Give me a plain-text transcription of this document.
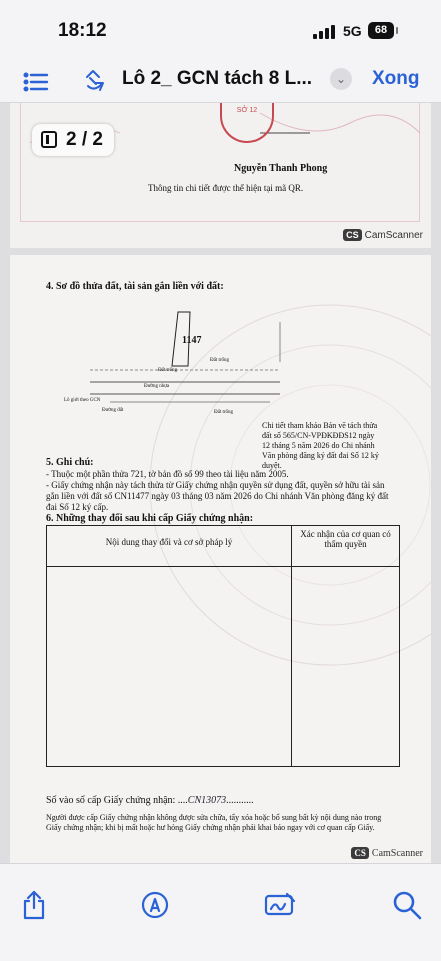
18:12	5G	68
Lô 2_ GCN tách 8 L...	⌄	Xong
SỞ 12
Nguyễn Thanh Phong
Thông tin chi tiết được thể hiện tại mã QR.
CS CamScanner
4. Sơ đồ thửa đất, tài sản gắn liền với đất:
1147
Đất trống
Đất trống
Lô giới theo GCN
Đường nhựa
Đường đất	Đất trống
Chi tiết tham khảo Bản vẽ tách thửa đất số 565/CN-VPĐKĐĐS12 ngày 12 tháng 5 năm 2026 do Chi nhánh Văn phòng đăng ký đất đai Số 12 ký duyệt.
5. Ghi chú:
- Thuộc một phần thửa 721, tờ bản đồ số 99 theo tài liệu năm 2005.
- Giấy chứng nhận này tách thửa từ Giấy chứng nhận quyền sử dụng đất, quyền sở hữu tài sản gắn liền với đất số CN11477 ngày 03 tháng 03 năm 2026 do Chi nhánh Văn phòng đăng ký đất đai Số 12 ký cấp.
6. Những thay đổi sau khi cấp Giấy chứng nhận:
Nội dung thay đổi và cơ sở pháp lý
Xác nhận của cơ quan có thẩm quyền
Số vào sổ cấp Giấy chứng nhận: ....CN13073...........
Người được cấp Giấy chứng nhận không được sửa chữa, tẩy xóa hoặc bổ sung bất kỳ nội dung nào trong Giấy chứng nhận; khi bị mất hoặc hư hỏng Giấy chứng nhận phải khai báo ngay với cơ quan cấp Giấy.
CS CamScanner
2 / 2
